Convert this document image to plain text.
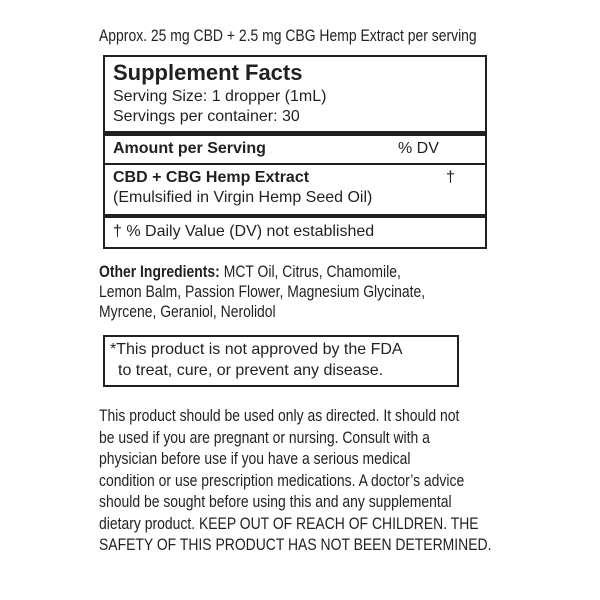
Approx. 25 mg CBD + 2.5 mg CBG Hemp Extract per serving
Supplement Facts
Serving Size: 1 dropper (1mL)
Servings per container: 30
Amount per Serving	% DV
CBD + CBG Hemp Extract	†
(Emulsified in Virgin Hemp Seed Oil)
† % Daily Value (DV) not established
Other Ingredients: MCT Oil, Citrus, Chamomile,
Lemon Balm, Passion Flower, Magnesium Glycinate,
Myrcene, Geraniol, Nerolidol
*This product is not approved by the FDA
to treat, cure, or prevent any disease.
This product should be used only as directed. It should not
be used if you are pregnant or nursing. Consult with a
physician before use if you have a serious medical
condition or use prescription medications. A doctor’s advice
should be sought before using this and any supplemental
dietary product. KEEP OUT OF REACH OF CHILDREN. THE
SAFETY OF THIS PRODUCT HAS NOT BEEN DETERMINED.
